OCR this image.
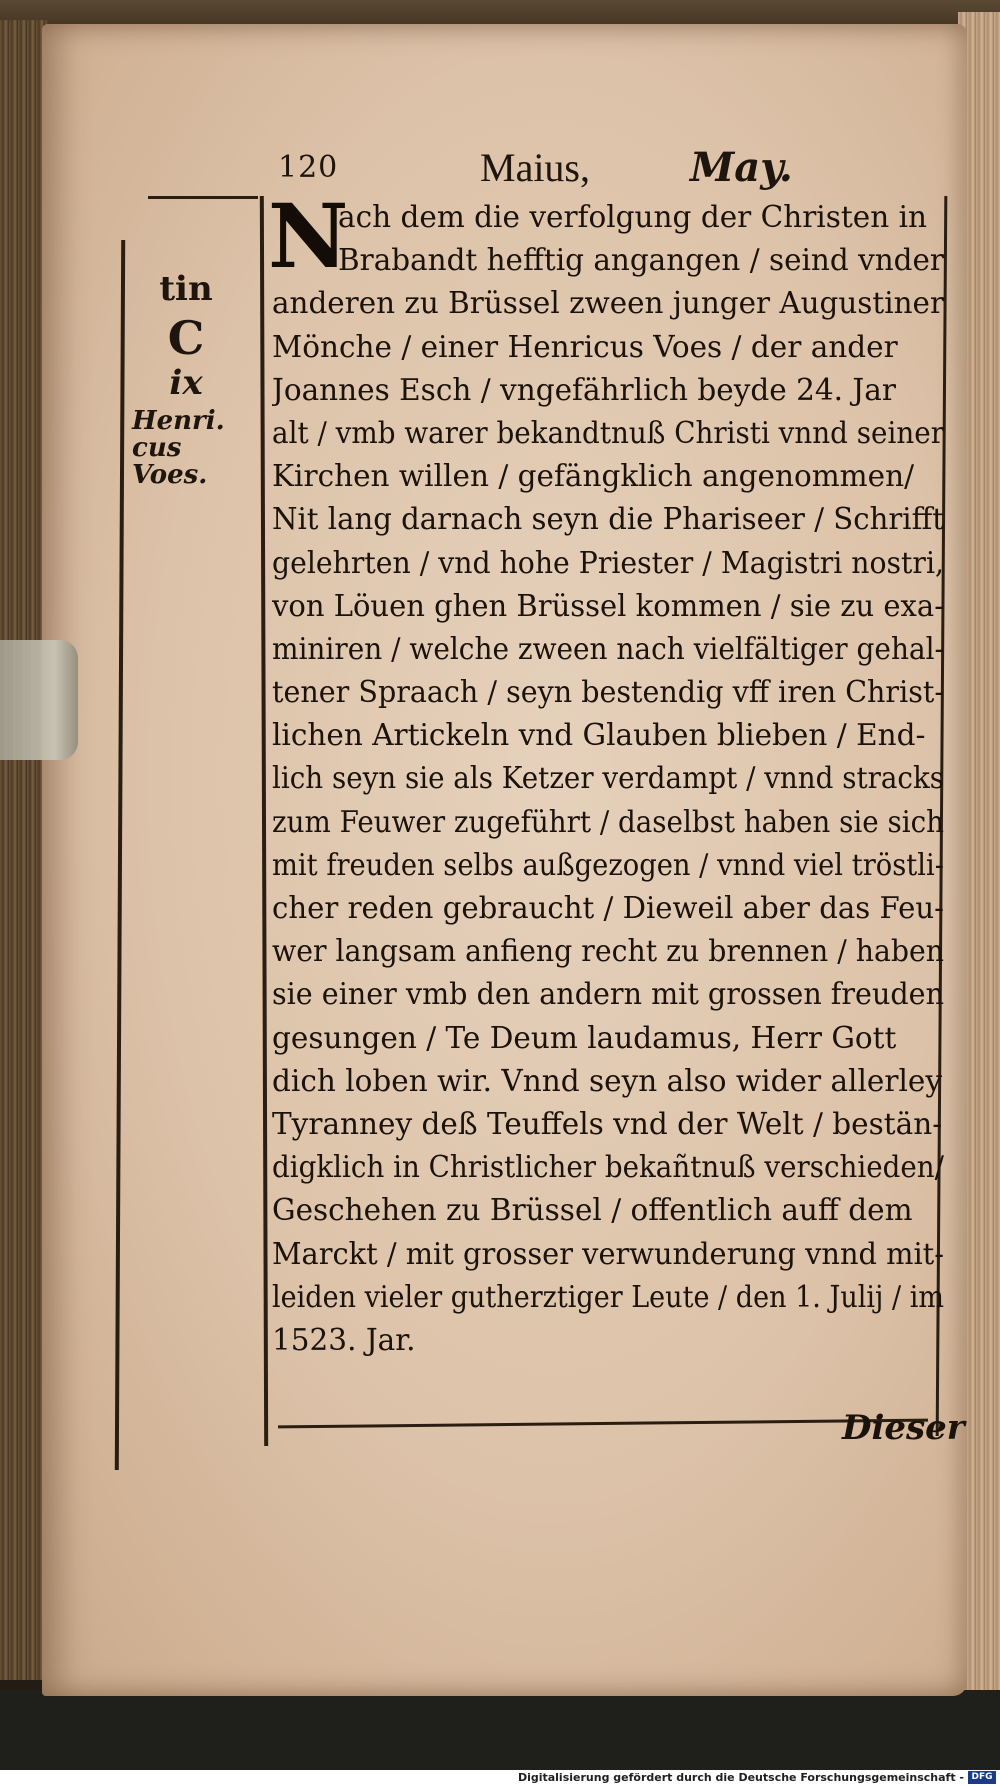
120	Maius,	May.
tin
C
ix
Henri.
cus
Voes.
N
ach dem die verfolgung der Christen in
Brabandt hefftig angangen / seind vnder
anderen zu Brüssel zween junger Augustiner
Mönche / einer Henricus Voes / der ander
Joannes Esch / vngefährlich beyde 24. Jar
alt / vmb warer bekandtnuß Christi vnnd seiner
Kirchen willen / gefängklich angenommen/
Nit lang darnach seyn die Phariseer / Schrifft
gelehrten / vnd hohe Priester / Magistri nostri,
von Löuen ghen Brüssel kommen / sie zu exa-
miniren / welche zween nach vielfältiger gehal-
tener Spraach / seyn bestendig vff iren Christ-
lichen Artickeln vnd Glauben blieben / End-
lich seyn sie als Ketzer verdampt / vnnd stracks
zum Feuwer zugeführt / daselbst haben sie sich
mit freuden selbs außgezogen / vnnd viel tröstli-
cher reden gebraucht / Dieweil aber das Feu-
wer langsam anfieng recht zu brennen / haben
sie einer vmb den andern mit grossen freuden
gesungen / Te Deum laudamus, Herr Gott
dich loben wir. Vnnd seyn also wider allerley
Tyranney deß Teuffels vnd der Welt / bestän-
digklich in Christlicher bekañtnuß verschieden/
Geschehen zu Brüssel / offentlich auff dem
Marckt / mit grosser verwunderung vnnd mit-
leiden vieler gutherztiger Leute / den 1. Julij / im
1523. Jar.
Dieser
Digitalisierung gefördert durch die Deutsche Forschungsgemeinschaft - DFG
